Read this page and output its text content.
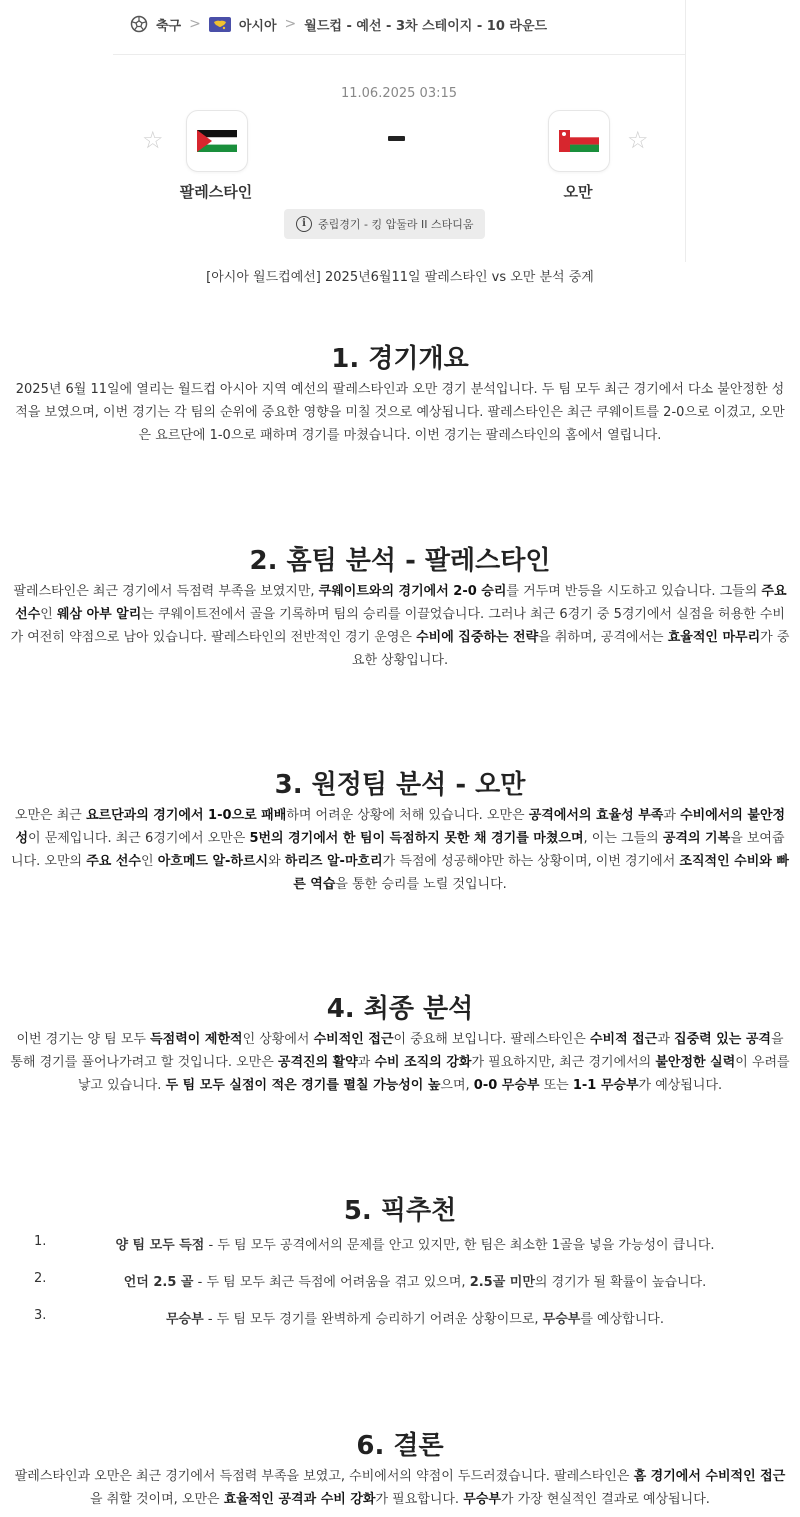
축구 >	아시아 > 월드컵 - 예선 - 3차 스테이지 - 10 라운드
11.06.2025 03:15
☆
팔레스타인
☆
오만
i	중립경기 - 킹 압둘라 II 스타디움
[아시아 월드컵예선] 2025년6월11일 팔레스타인 vs 오만 분석 중계
1. 경기개요

2025년 6월 11일에 열리는 월드컵 아시아 지역 예선의 팔레스타인과 오만 경기 분석입니다. 두 팀 모두 최근 경기에서 다소 불안정한 성적을 보였으며, 이번 경기는 각 팀의 순위에 중요한 영향을 미칠 것으로 예상됩니다. 팔레스타인은 최근 쿠웨이트를 2-0으로 이겼고, 오만은 요르단에 1-0으로 패하며 경기를 마쳤습니다. 이번 경기는 팔레스타인의 홈에서 열립니다.

2. 홈팀 분석 - 팔레스타인

팔레스타인은 최근 경기에서 득점력 부족을 보였지만, 쿠웨이트와의 경기에서 2-0 승리를 거두며 반등을 시도하고 있습니다. 그들의 주요 선수인 웨삼 아부 알리는 쿠웨이트전에서 골을 기록하며 팀의 승리를 이끌었습니다. 그러나 최근 6경기 중 5경기에서 실점을 허용한 수비가 여전히 약점으로 남아 있습니다. 팔레스타인의 전반적인 경기 운영은 수비에 집중하는 전략을 취하며, 공격에서는 효율적인 마무리가 중요한 상황입니다.

3. 원정팀 분석 - 오만

오만은 최근 요르단과의 경기에서 1-0으로 패배하며 어려운 상황에 처해 있습니다. 오만은 공격에서의 효율성 부족과 수비에서의 불안정성이 문제입니다. 최근 6경기에서 오만은 5번의 경기에서 한 팀이 득점하지 못한 채 경기를 마쳤으며, 이는 그들의 공격의 기복을 보여줍니다. 오만의 주요 선수인 아흐메드 알-하르시와 하리즈 알-마흐리가 득점에 성공해야만 하는 상황이며, 이번 경기에서 조직적인 수비와 빠른 역습을 통한 승리를 노릴 것입니다.

4. 최종 분석

이번 경기는 양 팀 모두 득점력이 제한적인 상황에서 수비적인 접근이 중요해 보입니다. 팔레스타인은 수비적 접근과 집중력 있는 공격을 통해 경기를 풀어나가려고 할 것입니다. 오만은 공격진의 활약과 수비 조직의 강화가 필요하지만, 최근 경기에서의 불안정한 실력이 우려를 낳고 있습니다. 두 팀 모두 실점이 적은 경기를 펼칠 가능성이 높으며, 0-0 무승부 또는 1-1 무승부가 예상됩니다.

5. 픽추천
1.	양 팀 모두 득점 - 두 팀 모두 공격에서의 문제를 안고 있지만, 한 팀은 최소한 1골을 넣을 가능성이 큽니다.
2.	언더 2.5 골 - 두 팀 모두 최근 득점에 어려움을 겪고 있으며, 2.5골 미만의 경기가 될 확률이 높습니다.
3.	무승부 - 두 팀 모두 경기를 완벽하게 승리하기 어려운 상황이므로, 무승부를 예상합니다.
6. 결론

팔레스타인과 오만은 최근 경기에서 득점력 부족을 보였고, 수비에서의 약점이 두드러졌습니다. 팔레스타인은 홈 경기에서 수비적인 접근을 취할 것이며, 오만은 효율적인 공격과 수비 강화가 필요합니다. 무승부가 가장 현실적인 결과로 예상됩니다.
